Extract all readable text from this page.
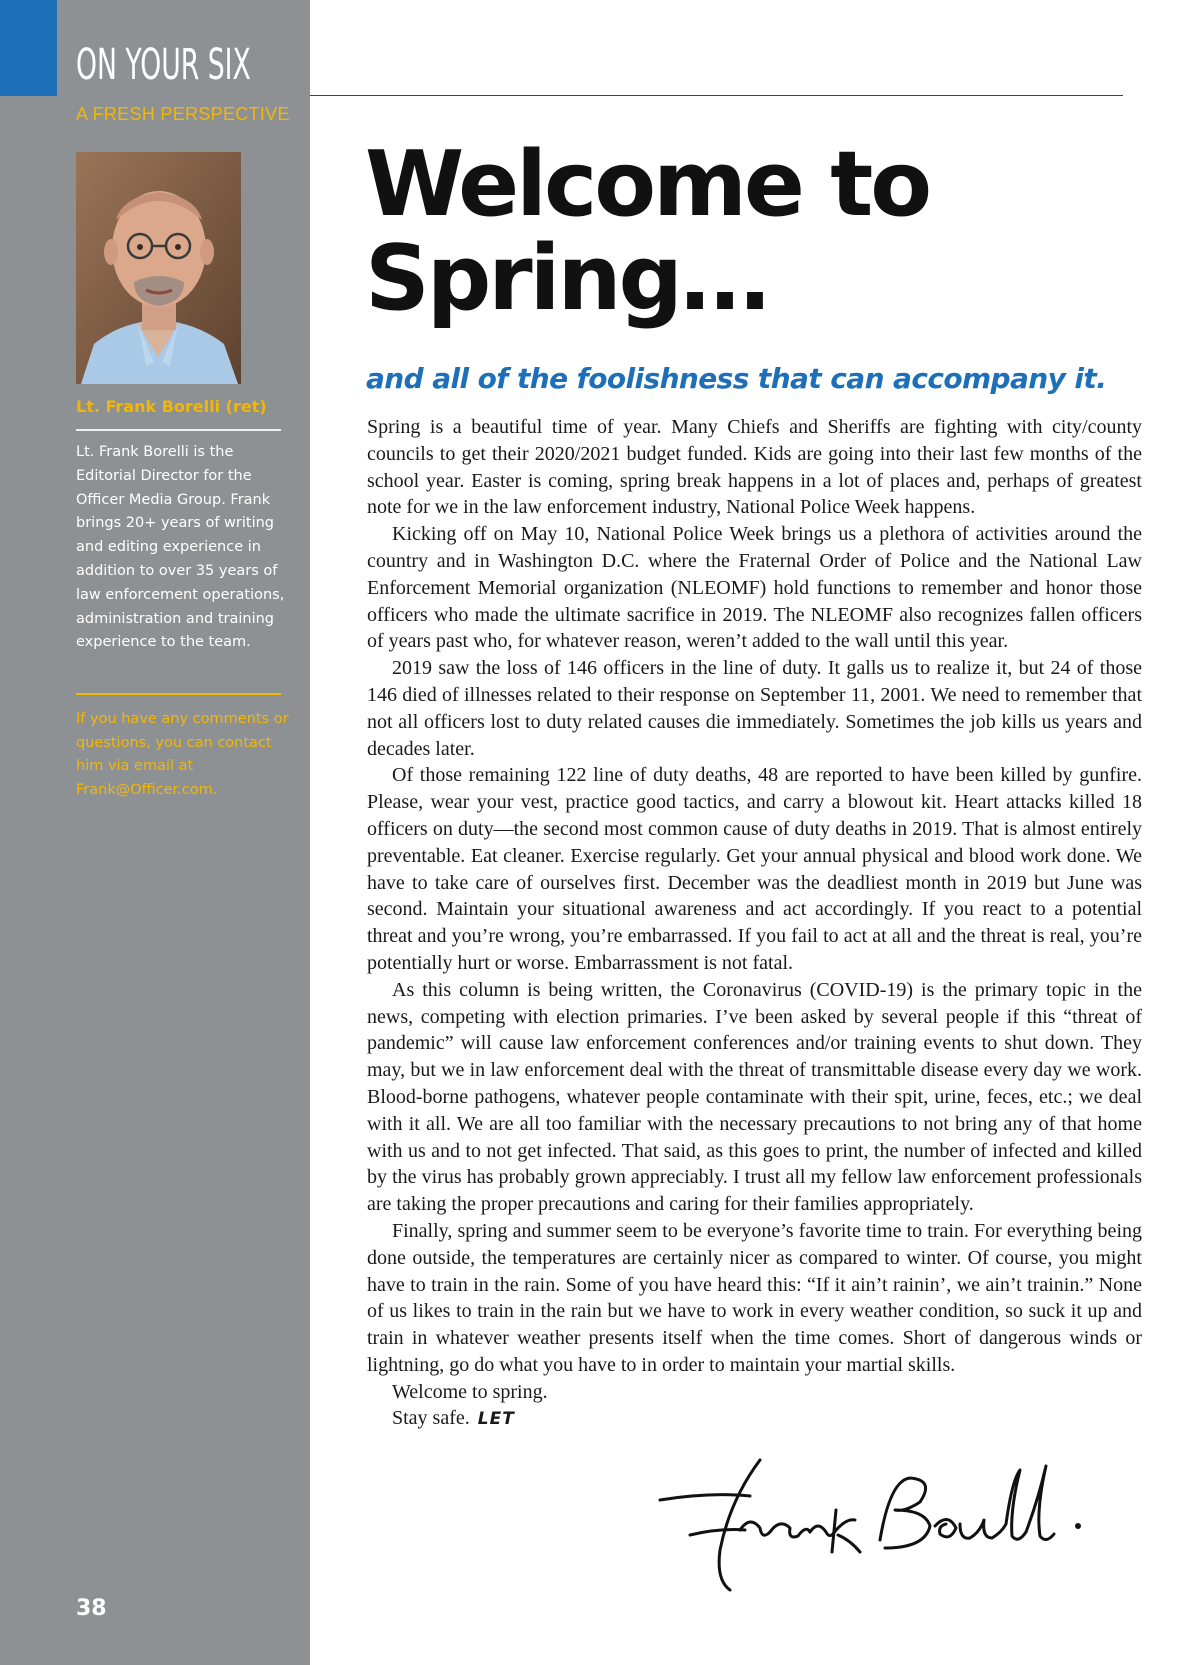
ON YOUR SIX
A FRESH PERSPECTIVE
Lt. Frank Borelli (ret)

Lt. Frank Borelli is the Editorial Director for the Officer Media Group. Frank brings 20+ years of writing and editing experience in addition to over 35 years of law enforcement operations, administration and training experience to the team.

If you have any comments or questions, you can contact him via email at Frank@Officer.com.

38
Welcome to
Spring…
and all of the foolishness that can accompany it.

Spring is a beautiful time of year. Many Chiefs and Sheriffs are fighting with city/county councils to get their 2020/2021 budget funded. Kids are going into their last few months of the school year. Easter is coming, spring break happens in a lot of places and, perhaps of greatest note for we in the law enforcement industry, National Police Week happens.

Kicking off on May 10, National Police Week brings us a plethora of activities around the country and in Washington D.C. where the Fraternal Order of Police and the National Law Enforcement Memorial organization (NLEOMF) hold functions to remember and honor those officers who made the ultimate sacrifice in 2019. The NLEOMF also recognizes fallen officers of years past who, for whatever reason, weren’t added to the wall until this year.

2019 saw the loss of 146 officers in the line of duty. It galls us to realize it, but 24 of those 146 died of illnesses related to their response on September 11, 2001. We need to remember that not all officers lost to duty related causes die immediately. Sometimes the job kills us years and decades later.

Of those remaining 122 line of duty deaths, 48 are reported to have been killed by gunfire. Please, wear your vest, practice good tactics, and carry a blowout kit. Heart attacks killed 18 officers on duty—the second most common cause of duty deaths in 2019. That is almost entirely preventable. Eat cleaner. Exercise regularly. Get your annual physical and blood work done. We have to take care of ourselves first. December was the deadliest month in 2019 but June was second. Maintain your situational awareness and act accordingly. If you react to a potential threat and you’re wrong, you’re embarrassed. If you fail to act at all and the threat is real, you’re potentially hurt or worse. Embarrassment is not fatal.

As this column is being written, the Coronavirus (COVID-19) is the primary topic in the news, competing with election primaries. I’ve been asked by several people if this “threat of pandemic” will cause law enforcement conferences and/or training events to shut down. They may, but we in law enforcement deal with the threat of transmittable disease every day we work. Blood-borne pathogens, whatever people contaminate with their spit, urine, feces, etc.; we deal with it all. We are all too familiar with the necessary precautions to not bring any of that home with us and to not get infected. That said, as this goes to print, the number of infected and killed by the virus has probably grown appreciably. I trust all my fellow law enforcement professionals are taking the proper precautions and caring for their families appropriately.

Finally, spring and summer seem to be everyone’s favorite time to train. For everything being done outside, the temperatures are certainly nicer as compared to winter. Of course, you might have to train in the rain. Some of you have heard this: “If it ain’t rainin’, we ain’t trainin.” None of us likes to train in the rain but we have to work in every weather condition, so suck it up and train in whatever weather presents itself when the time comes. Short of dangerous winds or lightning, go do what you have to in order to maintain your martial skills.

Welcome to spring.

Stay safe. LET

Frank Borelli
